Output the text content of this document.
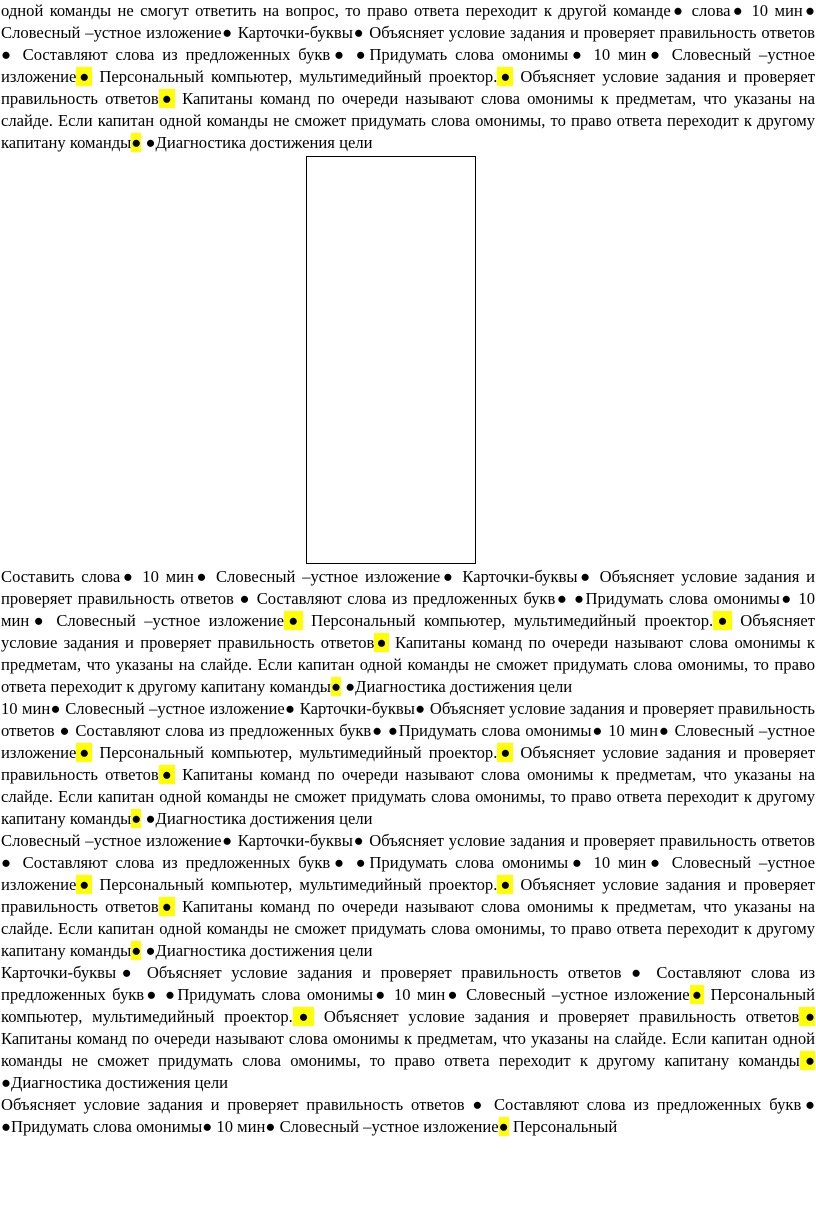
одной команды не смогут ответить на вопрос, то право ответа переходит к другой команде● слова● 10 мин● Словесный –устное изложение● Карточки-буквы● Объясняет условие задания и проверяет правильность ответов ● Составляют слова из предложенных букв● ●Придумать слова омонимы● 10 мин● Словесный –устное изложение● Персональный компьютер, мультимедийный проектор.● Объясняет условие задания и проверяет правильность ответов● Капитаны команд по очереди называют слова омонимы к предметам, что указаны на слайде. Если капитан одной команды не сможет придумать слова омонимы, то право ответа переходит к другому капитану команды● ●Диагностика достижения цели

Составить слова● 10 мин● Словесный –устное изложение● Карточки-буквы● Объясняет условие задания и проверяет правильность ответов ● Составляют слова из предложенных букв● ●Придумать слова омонимы● 10 мин● Словесный –устное изложение● Персональный компьютер, мультимедийный проектор.● Объясняет условие задания и проверяет правильность ответов● Капитаны команд по очереди называют слова омонимы к предметам, что указаны на слайде. Если капитан одной команды не сможет придумать слова омонимы, то право ответа переходит к другому капитану команды● ●Диагностика достижения цели

10 мин● Словесный –устное изложение● Карточки-буквы● Объясняет условие задания и проверяет правильность ответов ● Составляют слова из предложенных букв● ●Придумать слова омонимы● 10 мин● Словесный –устное изложение● Персональный компьютер, мультимедийный проектор.● Объясняет условие задания и проверяет правильность ответов● Капитаны команд по очереди называют слова омонимы к предметам, что указаны на слайде. Если капитан одной команды не сможет придумать слова омонимы, то право ответа переходит к другому капитану команды● ●Диагностика достижения цели

Словесный –устное изложение● Карточки-буквы● Объясняет условие задания и проверяет правильность ответов ● Составляют слова из предложенных букв● ●Придумать слова омонимы● 10 мин● Словесный –устное изложение● Персональный компьютер, мультимедийный проектор.● Объясняет условие задания и проверяет правильность ответов● Капитаны команд по очереди называют слова омонимы к предметам, что указаны на слайде. Если капитан одной команды не сможет придумать слова омонимы, то право ответа переходит к другому капитану команды● ●Диагностика достижения цели

Карточки-буквы● Объясняет условие задания и проверяет правильность ответов ● Составляют слова из предложенных букв● ●Придумать слова омонимы● 10 мин● Словесный –устное изложение● Персональный компьютер, мультимедийный проектор.● Объясняет условие задания и проверяет правильность ответов● Капитаны команд по очереди называют слова омонимы к предметам, что указаны на слайде. Если капитан одной команды не сможет придумать слова омонимы, то право ответа переходит к другому капитану команды● ●Диагностика достижения цели

Объясняет условие задания и проверяет правильность ответов ● Составляют слова из предложенных букв● ●Придумать слова омонимы● 10 мин● Словесный –устное изложение● Персональный
